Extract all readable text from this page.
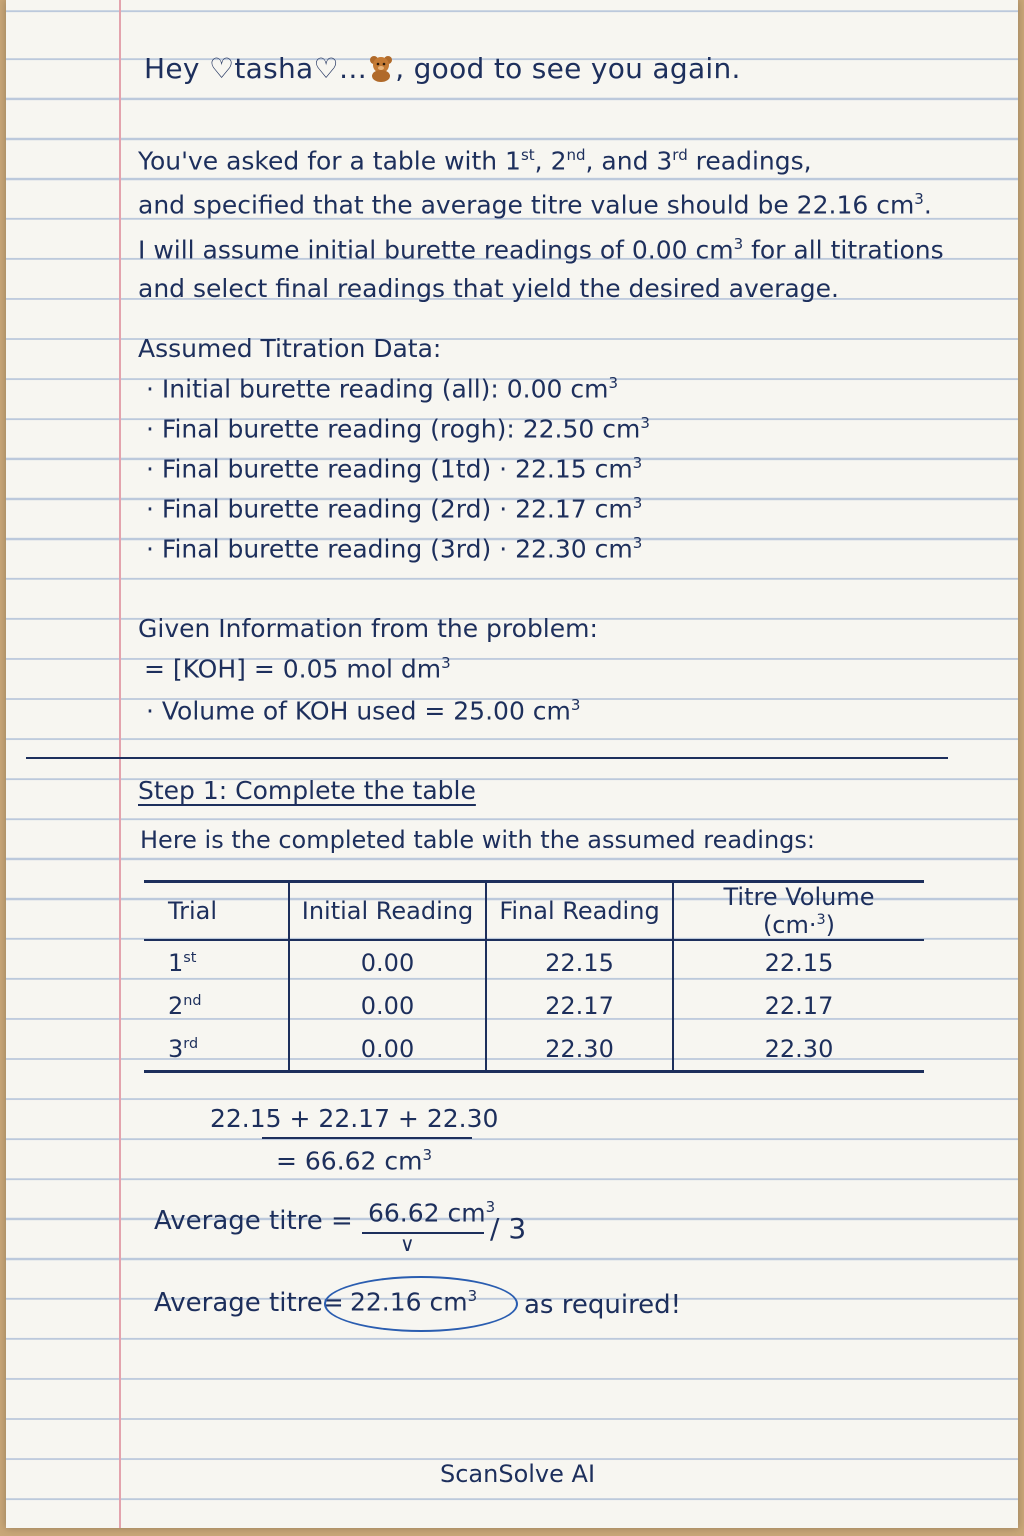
Hey ♡tasha♡… , good to see you again.
You've asked for a table with 1st, 2nd, and 3rd readings,
and specified that the average titre value should be 22.16 $cm^3$.
I will assume initial burette readings of 0.00 $cm^3$ for all titrations
and select final readings that yield the desired average.
Assumed Titration Data:
· Initial burette reading (all): 0.00 $cm^3$
· Final burette reading (rogh): 22.50 $cm^3$
· Final burette reading (1td) · 22.15 $cm^3$
· Final burette reading (2rd) · 22.17 $cm^3$
· Final burette reading (3rd) · 22.30 $cm^3$
Given Information from the problem:
= [KOH] = 0.05 mol $dm^3$
· Volume of KOH used = 25.00 $cm^3$
Step 1: Complete the table
Here is the completed table with the assumed readings:
Trial	Initial Reading	Final Reading	Titre Volume (cm·$^3$)
1st	0.00	22.15	22.15
2nd	0.00	22.17	22.17
3rd	0.00	22.30	22.30
22.15 + 22.17 + 22.30
= 66.62 $cm^3$
Average titre = 66.62 $cm^3$
∨	/ 3
Average titre = 22.16 $cm^3$ as required!
ScanSolve AI
